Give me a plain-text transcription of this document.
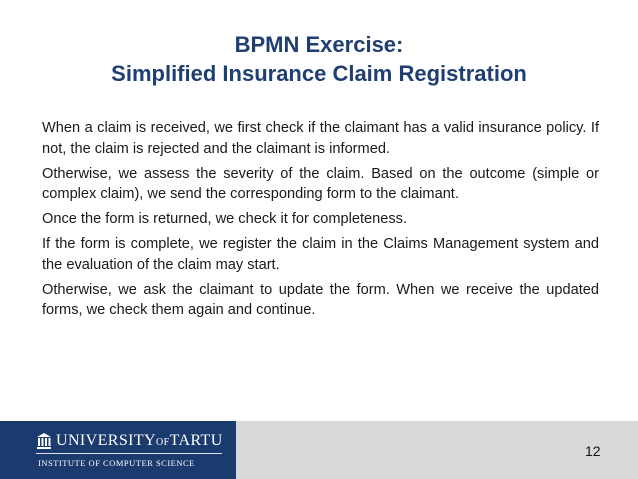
BPMN Exercise:
Simplified Insurance Claim Registration

When a claim is received, we first check if the claimant has a valid insurance policy. If not, the claim is rejected and the claimant is informed.

Otherwise, we assess the severity of the claim. Based on the outcome (simple or complex claim), we send the corresponding form to the claimant.

Once the form is returned, we check it for completeness.

If the form is complete, we register the claim in the Claims Management system and the evaluation of the claim may start.

Otherwise, we ask the claimant to update the form. When we receive the updated forms, we check them again and continue.

UNIVERSITYOFTARTU
INSTITUTE OF COMPUTER SCIENCE
12
